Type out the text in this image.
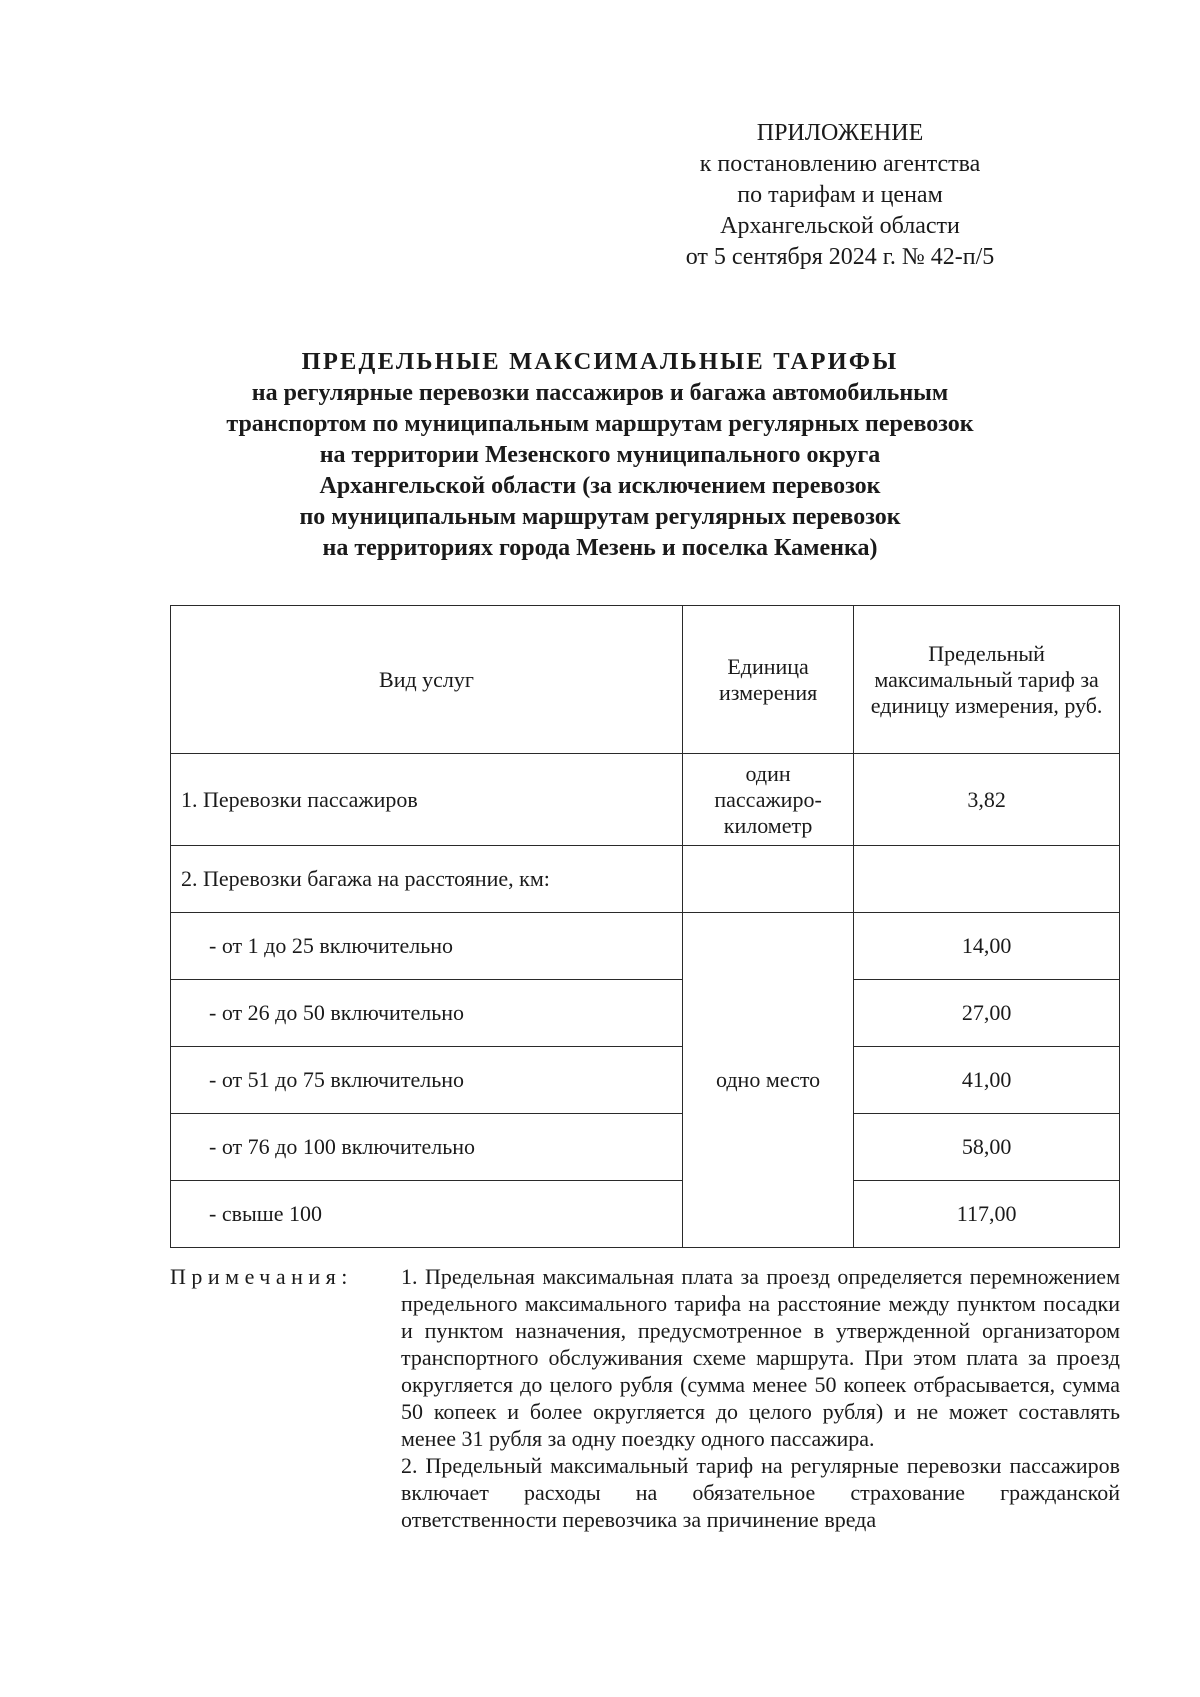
ПРИЛОЖЕНИЕ
к постановлению агентства
по тарифам и ценам
Архангельской области
от 5 сентября 2024 г. № 42-п/5
ПРЕДЕЛЬНЫЕ МАКСИМАЛЬНЫЕ ТАРИФЫ
на регулярные перевозки пассажиров и багажа автомобильным
транспортом по муниципальным маршрутам регулярных перевозок
на территории Мезенского муниципального округа
Архангельской области (за исключением перевозок
по муниципальным маршрутам регулярных перевозок
на территориях города Мезень и поселка Каменка)
Вид услуг	Единица измерения	Предельный максимальный тариф за единицу измерения, руб.
1. Перевозки пассажиров	один пассажиро-километр	3,82
2. Перевозки багажа на расстояние, км:		
- от 1 до 25 включительно	одно место	14,00
- от 26 до 50 включительно		27,00
- от 51 до 75 включительно		41,00
- от 76 до 100 включительно		58,00
- свыше 100		117,00
Примечания: 1. Предельная максимальная плата за проезд определяется перемножением предельного максимального тарифа на расстояние между пунктом посадки и пунктом назначения, предусмотренное в утвержденной организатором транспортного обслуживания схеме маршрута. При этом плата за проезд округляется до целого рубля (сумма менее 50 копеек отбрасывается, сумма 50 копеек и более округляется до целого рубля) и не может составлять менее 31 рубля за одну поездку одного пассажира.

2. Предельный максимальный тариф на регулярные перевозки пассажиров включает расходы на обязательное страхование гражданской ответственности перевозчика за причинение вреда
